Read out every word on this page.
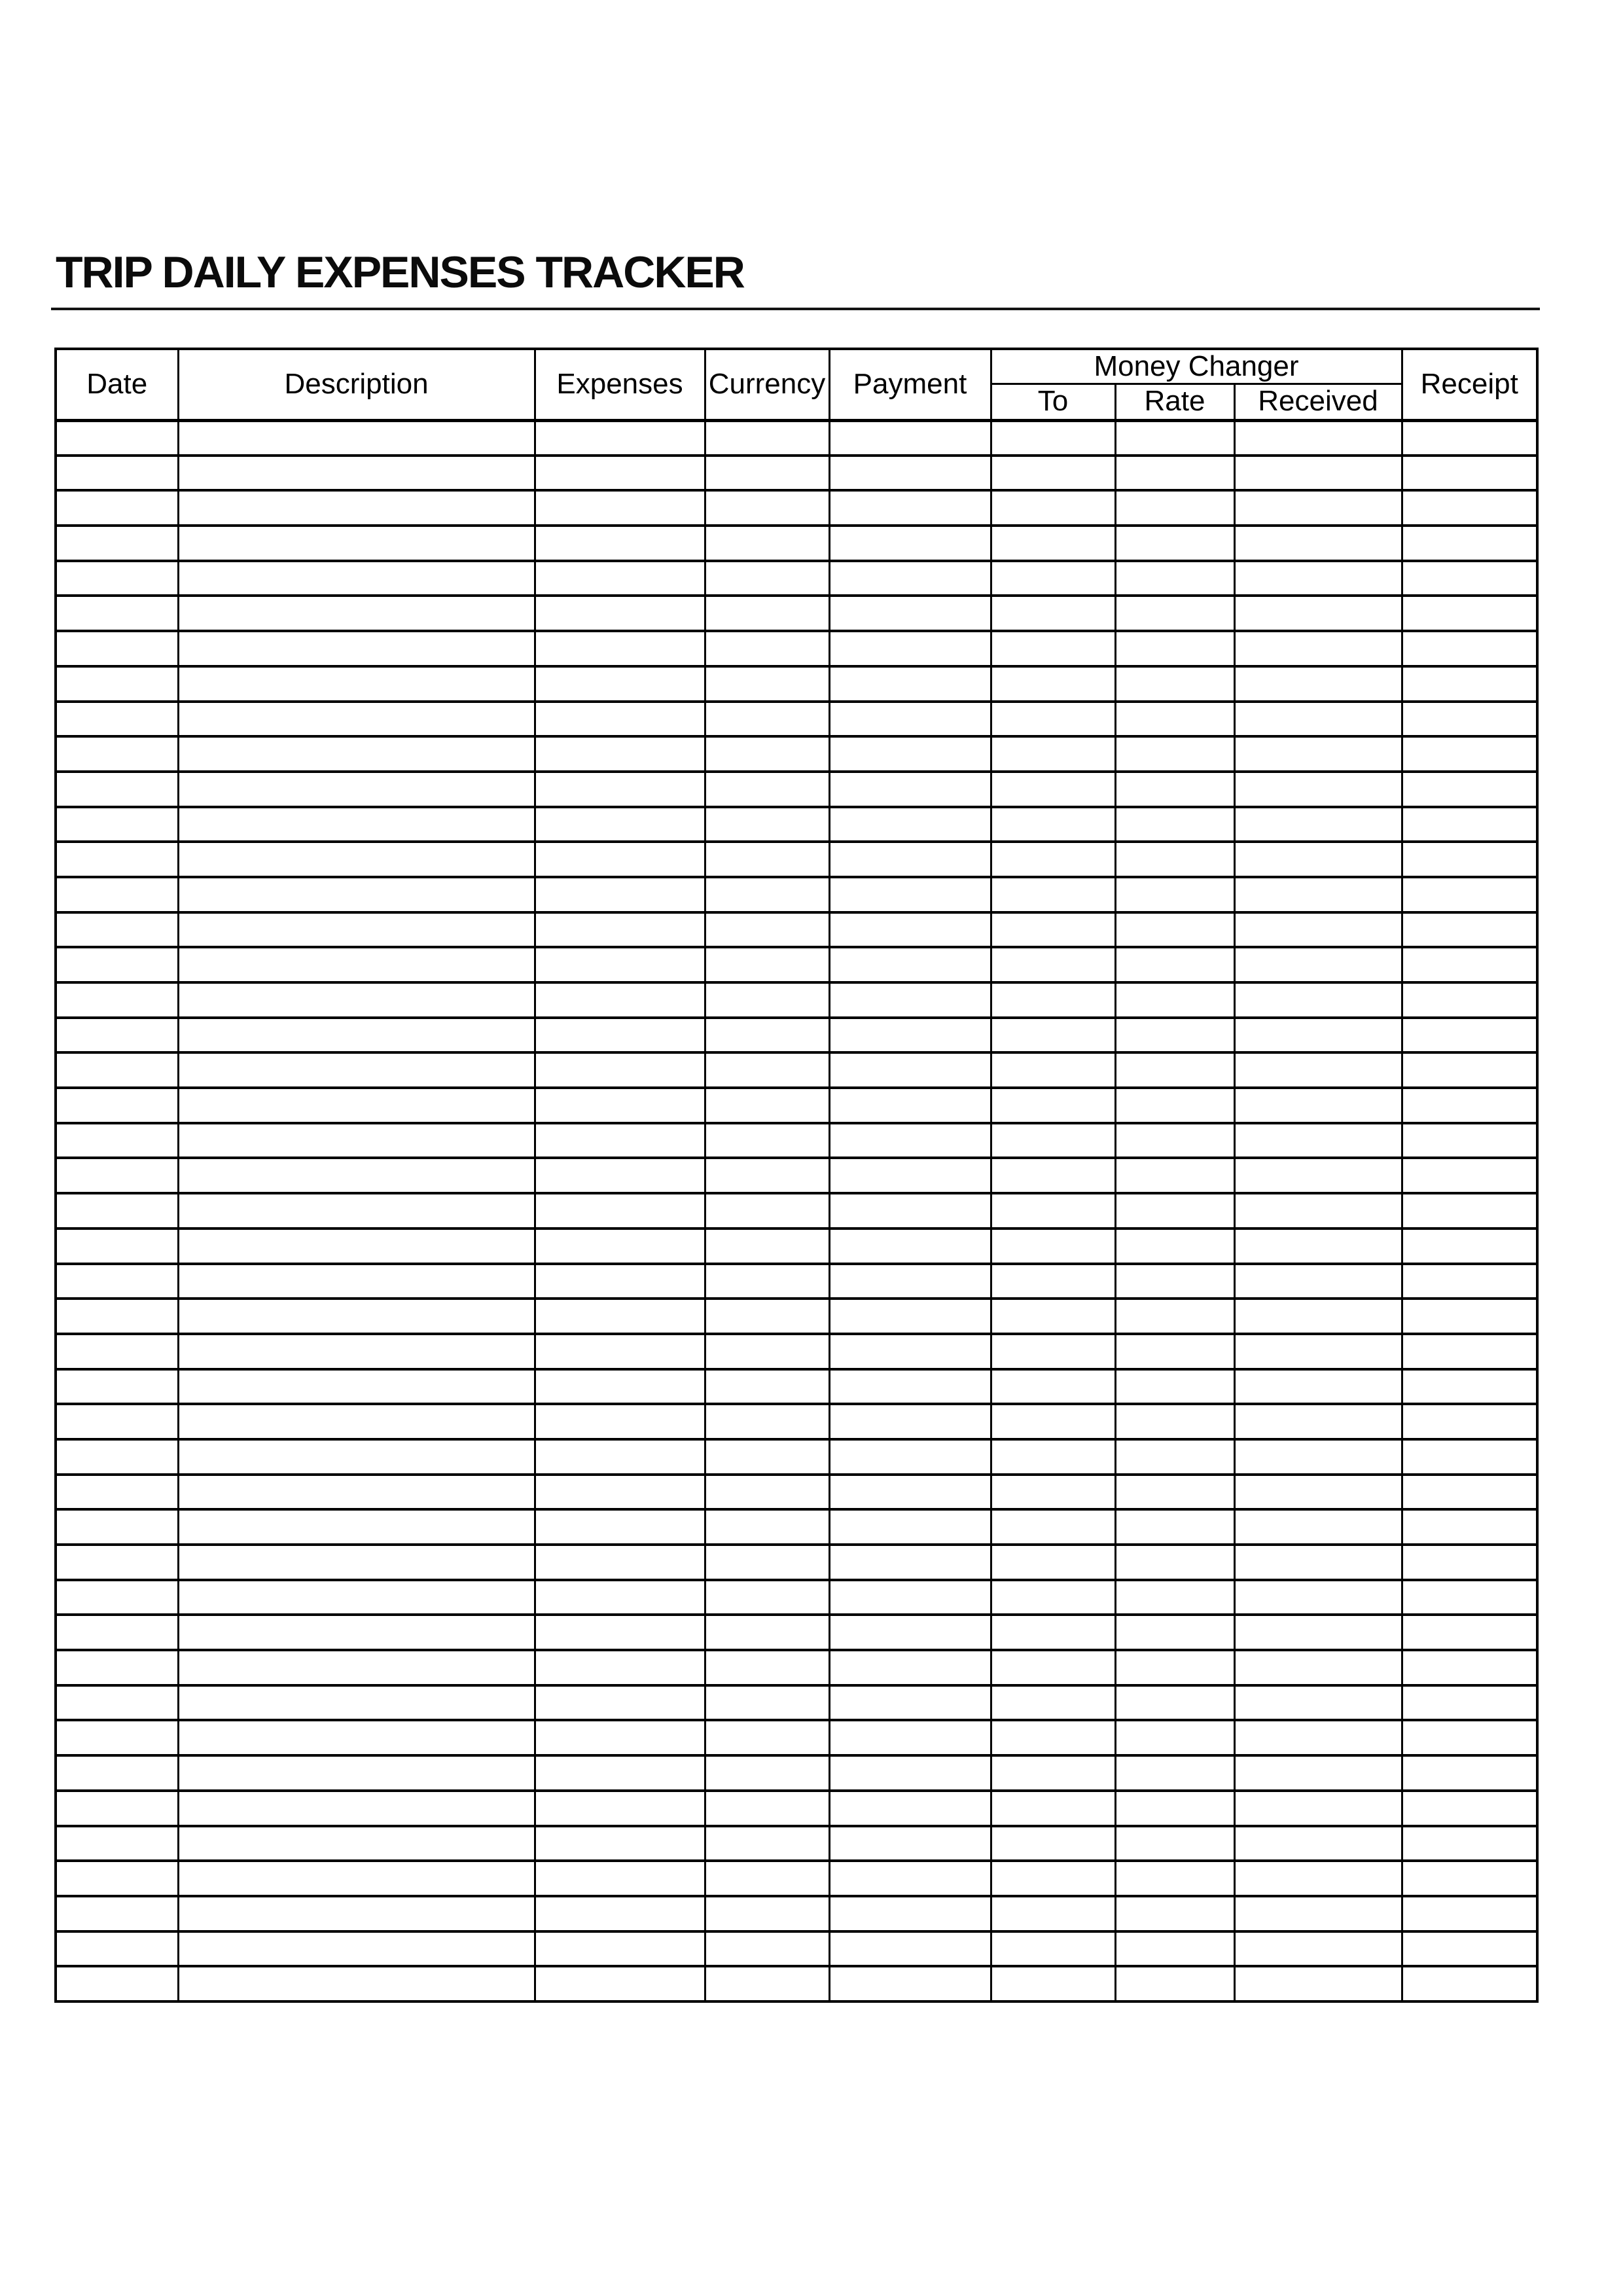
TRIP DAILY EXPENSES TRACKER
Date	Description	Expenses	Currency	Payment	Money Changer			Receipt
					To	Rate	Received	
